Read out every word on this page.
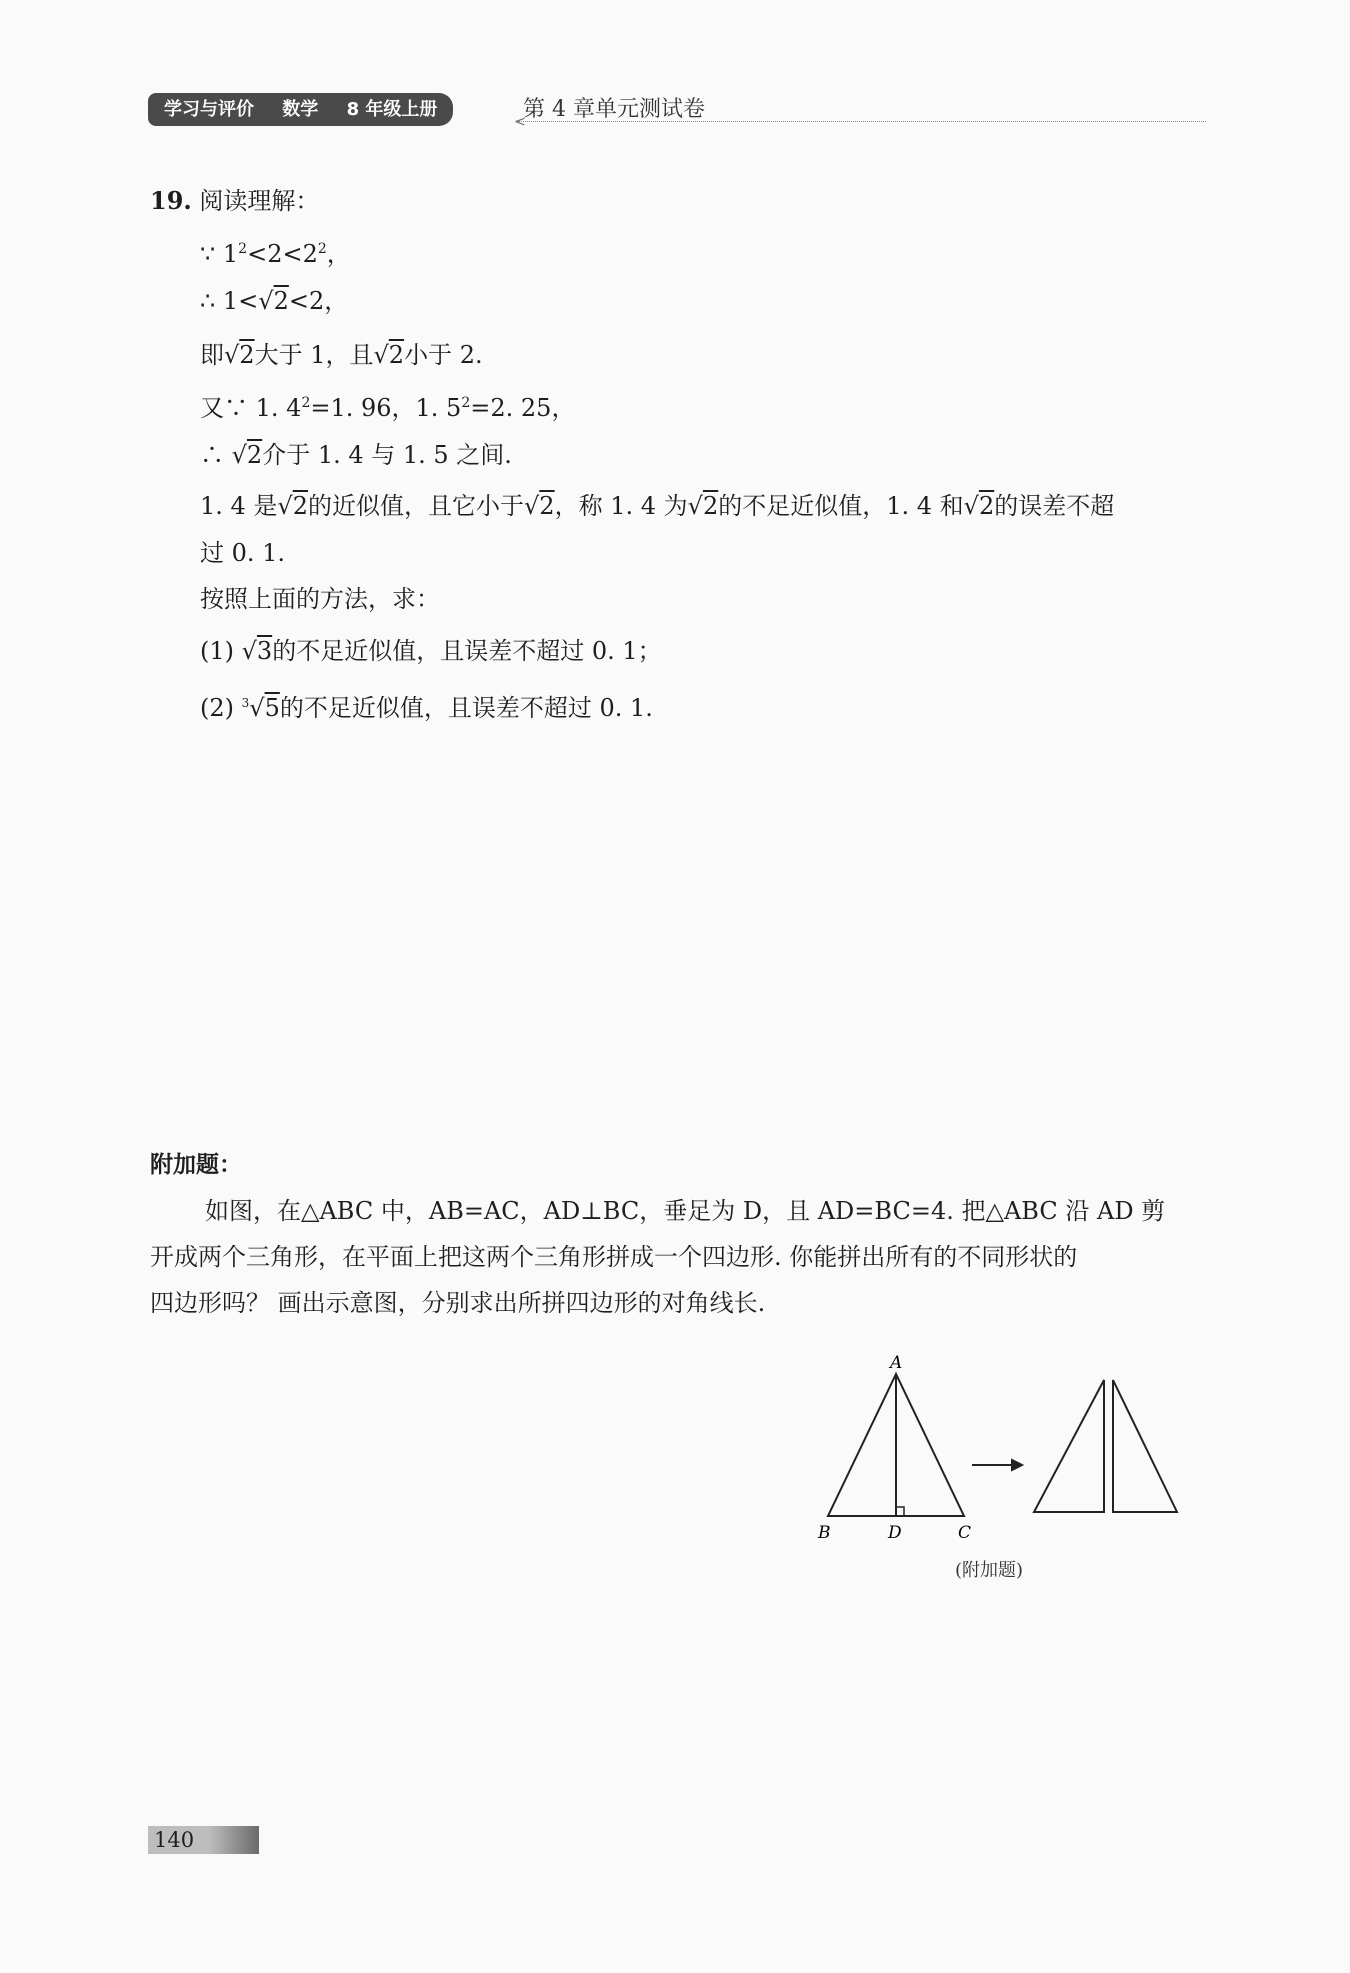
学习与评价 数学 8 年级上册
<
第 4 章单元测试卷
19. 阅读理解：
∵ $1^2<2<2^2$，
∴ 1<√2<2，
即√2大于 1，且√2小于 2.
又∵ 1. $4^2=1$. 96，1. $5^2=2$. 25，
∴ √2介于 1. 4 与 1. 5 之间.
1. 4 是√2的近似值，且它小于√2，称 1. 4 为√2的不足近似值，1. 4 和√2的误差不超
过 0. 1.
按照上面的方法，求：
(1) √3的不足近似值，且误差不超过 0. 1；
(2) $^3$√5的不足近似值，且误差不超过 0. 1.
附加题：
如图，在△ABC 中，AB=AC，AD⊥BC，垂足为 D，且 AD=BC=4. 把△ABC 沿 AD 剪
开成两个三角形，在平面上把这两个三角形拼成一个四边形. 你能拼出所有的不同形状的
四边形吗？ 画出示意图，分别求出所拼四边形的对角线长.
A
B	D	C
(附加题)
140
